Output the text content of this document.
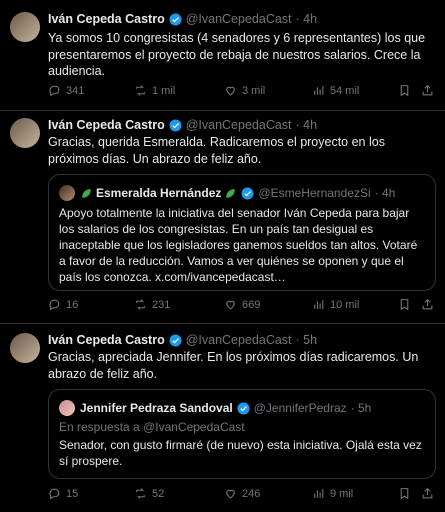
Iván Cepeda Castro @IvanCepedaCast · 4h
Ya somos 10 congresistas (4 senadores y 6 representantes) los que presentaremos el proyecto de rebaja de nuestros salarios. Crece la audiencia.
341	1 mil	3 mil	54 mil
Iván Cepeda Castro @IvanCepedaCast · 4h
Gracias, querida Esmeralda. Radicaremos el proyecto en los próximos días. Un abrazo de feliz año.
Esmeralda Hernández	@EsmeHernandezSi · 4h
Apoyo totalmente la iniciativa del senador Iván Cepeda para bajar los salarios de los congresistas. En un país tan desigual es inaceptable que los legisladores ganemos sueldos tan altos. Votaré a favor de la reducción. Vamos a ver quiénes se oponen y que el país los conozca. x.com/ivancepedacast…
16	231	669	10 mil
Iván Cepeda Castro @IvanCepedaCast · 5h
Gracias, apreciada Jennifer. En los próximos días radicaremos. Un abrazo de feliz año.
Jennifer Pedraza Sandoval @JenniferPedraz · 5h
En respuesta a @IvanCepedaCast
Senador, con gusto firmaré (de nuevo) esta iniciativa. Ojalá esta vez sí prospere.
15	52	246	9 mil
